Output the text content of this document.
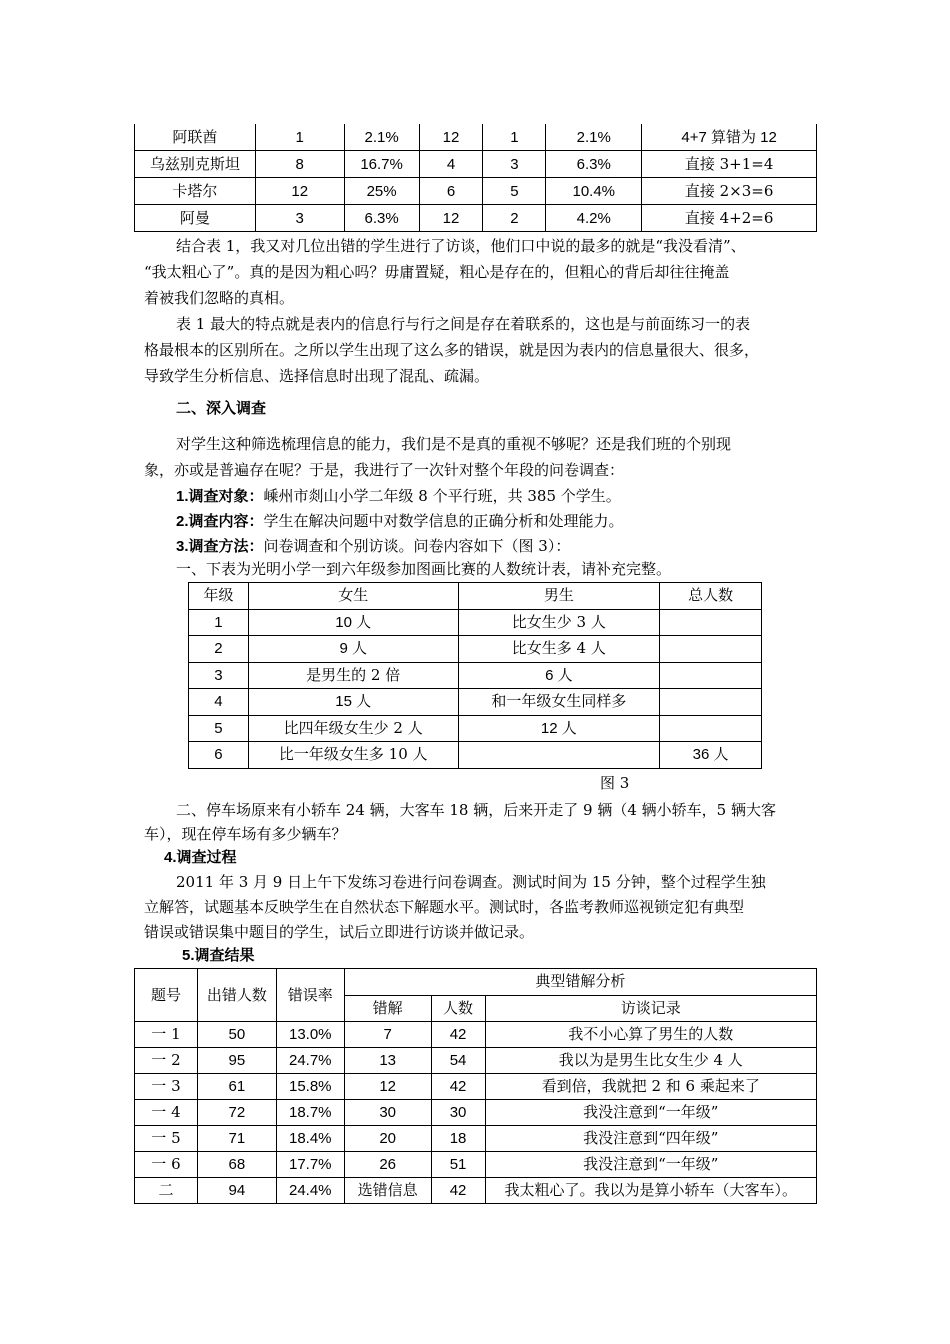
阿联酋	1	2.1%	12	1	2.1%	4+7 算错为 12
乌兹别克斯坦	8	16.7%	4	3	6.3%	直接 3+1=4
卡塔尔	12	25%	6	5	10.4%	直接 2×3=6
阿曼	3	6.3%	12	2	4.2%	直接 4+2=6

结合表 1，我又对几位出错的学生进行了访谈，他们口中说的最多的就是“我没看清”、

“我太粗心了”。真的是因为粗心吗？毋庸置疑，粗心是存在的，但粗心的背后却往往掩盖

着被我们忽略的真相。

表 1 最大的特点就是表内的信息行与行之间是存在着联系的，这也是与前面练习一的表

格最根本的区别所在。之所以学生出现了这么多的错误，就是因为表内的信息量很大、很多，

导致学生分析信息、选择信息时出现了混乱、疏漏。

二、深入调查

对学生这种筛选梳理信息的能力，我们是不是真的重视不够呢？还是我们班的个别现

象，亦或是普遍存在呢？于是，我进行了一次针对整个年段的问卷调查：

1.调查对象：嵊州市剡山小学二年级 8 个平行班，共 385 个学生。

2.调查内容：学生在解决问题中对数学信息的正确分析和处理能力。

3.调查方法：问卷调查和个别访谈。问卷内容如下（图 3）：

一、下表为光明小学一到六年级参加图画比赛的人数统计表，请补充完整。

年级	女生	男生	总人数
1	10 人	比女生少 3 人	
2	9 人	比女生多 4 人	
3	是男生的 2 倍	6 人	
4	15 人	和一年级女生同样多	
5	比四年级女生少 2 人	12 人	
6	比一年级女生多 10 人		36 人

图 3

二、停车场原来有小轿车 24 辆，大客车 18 辆，后来开走了 9 辆（4 辆小轿车，5 辆大客

车），现在停车场有多少辆车？

4.调查过程

2011 年 3 月 9 日上午下发练习卷进行问卷调查。测试时间为 15 分钟，整个过程学生独

立解答，试题基本反映学生在自然状态下解题水平。测试时，各监考教师巡视锁定犯有典型

错误或错误集中题目的学生，试后立即进行访谈并做记录。

5.调查结果

题号	出错人数	错误率	典型错解分析		
			错解	人数	访谈记录
一 1	50	13.0%	7	42	我不小心算了男生的人数
一 2	95	24.7%	13	54	我以为是男生比女生少 4 人
一 3	61	15.8%	12	42	看到倍，我就把 2 和 6 乘起来了
一 4	72	18.7%	30	30	我没注意到“一年级”
一 5	71	18.4%	20	18	我没注意到“四年级”
一 6	68	17.7%	26	51	我没注意到“一年级”
二	94	24.4%	选错信息	42	我太粗心了。我以为是算小轿车（大客车）。
